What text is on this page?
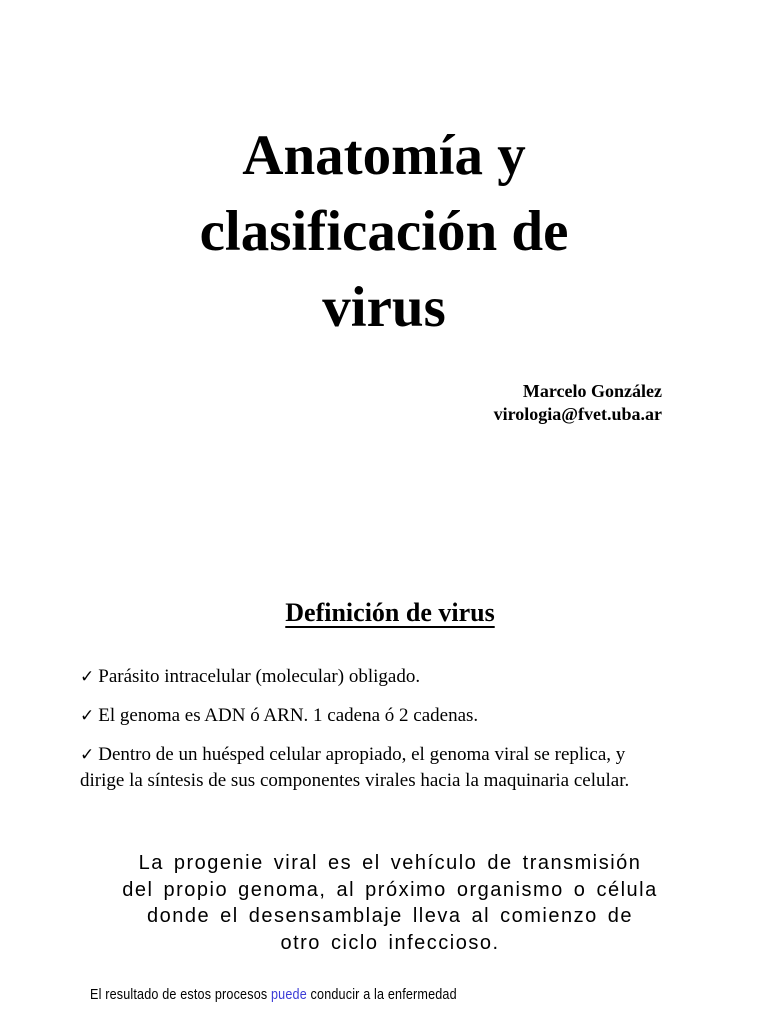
Anatomía y
clasificación de
virus
Marcelo González
virologia@fvet.uba.ar
Definición de virus
✓ Parásito intracelular (molecular) obligado.
✓ El genoma es ADN ó ARN. 1 cadena ó 2 cadenas.
✓ Dentro de un huésped celular apropiado, el genoma viral se replica, y dirige la síntesis de sus componentes virales hacia la maquinaria celular.
La progenie viral es el vehículo de transmisión
del propio genoma, al próximo organismo o célula
donde el desensamblaje lleva al comienzo de
otro ciclo infeccioso.
El resultado de estos procesos puede conducir a la enfermedad
